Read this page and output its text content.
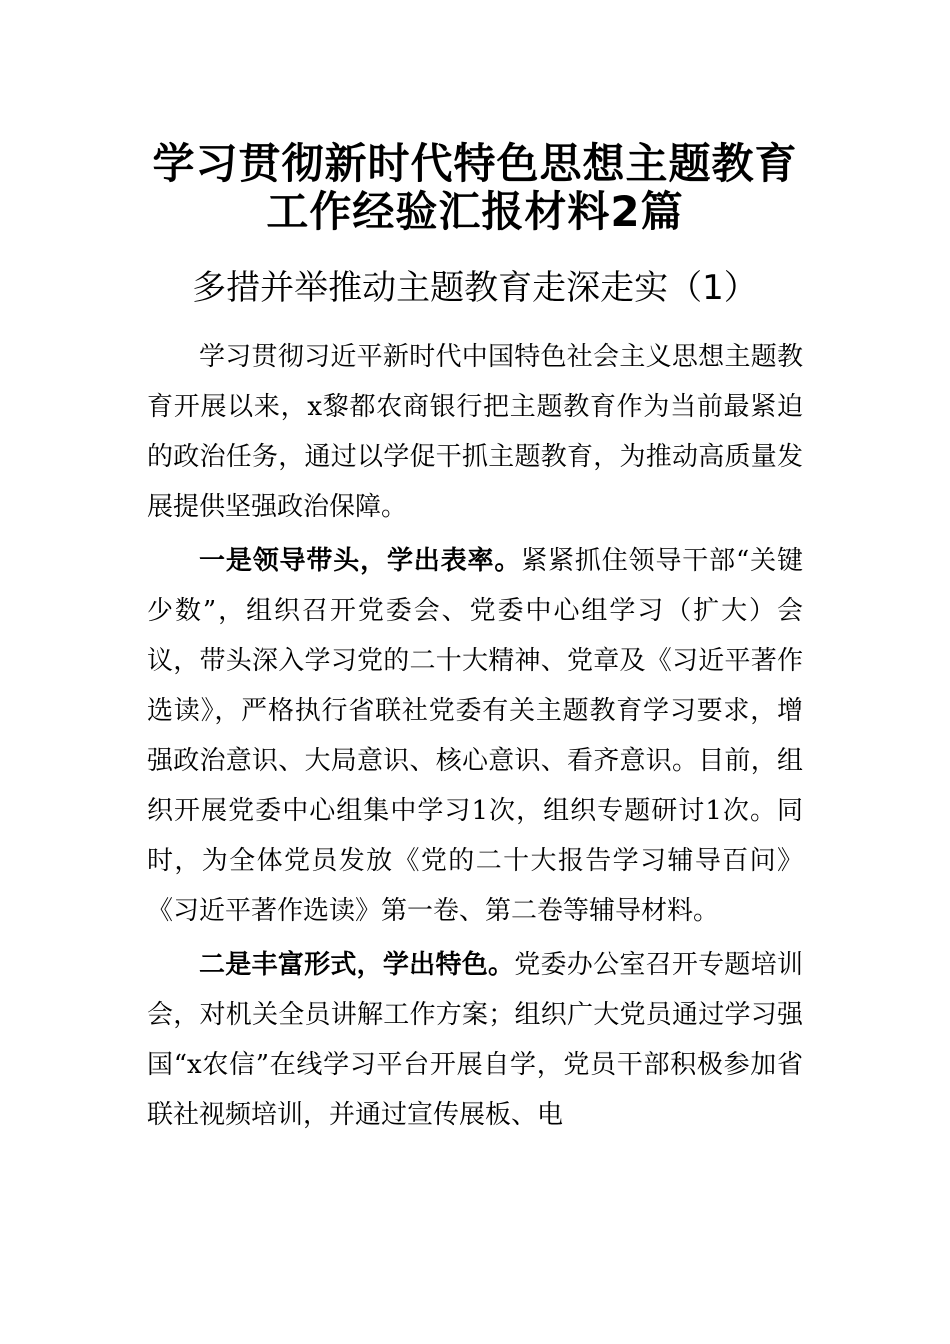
学习贯彻新时代特色思想主题教育工作经验汇报材料2篇
多措并举推动主题教育走深走实（1）

学习贯彻习近平新时代中国特色社会主义思想主题教育开展以来，x黎都农商银行把主题教育作为当前最紧迫的政治任务，通过以学促干抓主题教育，为推动高质量发展提供坚强政治保障。

一是领导带头，学出表率。紧紧抓住领导干部“关键少数”，组织召开党委会、党委中心组学习（扩大）会议，带头深入学习党的二十大精神、党章及《习近平著作选读》，严格执行省联社党委有关主题教育学习要求，增强政治意识、大局意识、核心意识、看齐意识。目前，组织开展党委中心组集中学习1次，组织专题研讨1次。同时，为全体党员发放《党的二十大报告学习辅导百问》《习近平著作选读》第一卷、第二卷等辅导材料。

二是丰富形式，学出特色。党委办公室召开专题培训会，对机关全员讲解工作方案；组织广大党员通过学习强国“x农信”在线学习平台开展自学，党员干部积极参加省联社视频培训，并通过宣传展板、电
